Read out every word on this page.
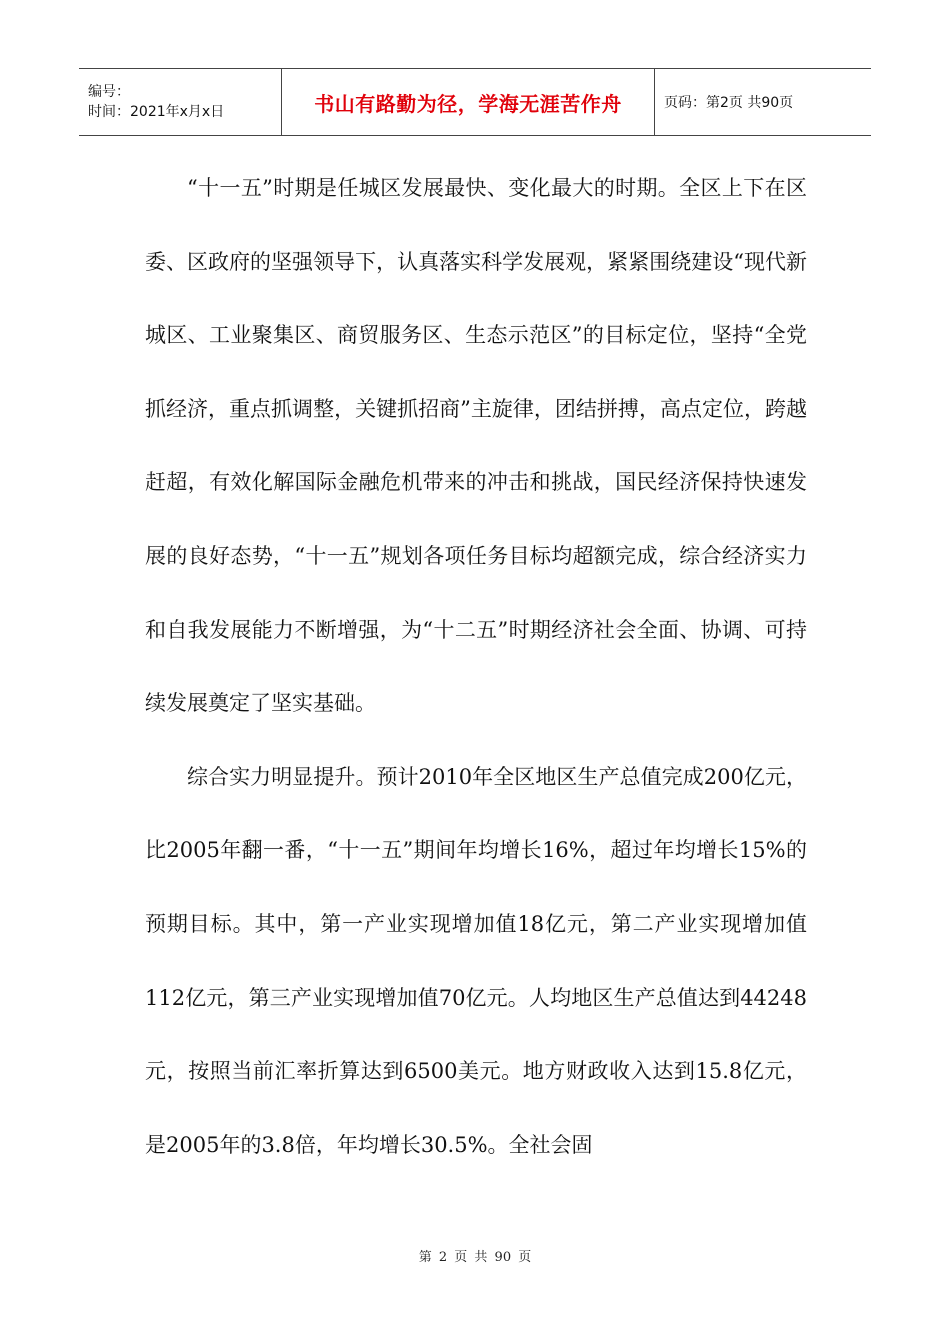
编号：
时间：2021年x月x日	书山有路勤为径，学海无涯苦作舟	页码：第2页 共90页

“十一五”时期是任城区发展最快、变化最大的时期。全区上下在区委、区政府的坚强领导下，认真落实科学发展观，紧紧围绕建设“现代新城区、工业聚集区、商贸服务区、生态示范区”的目标定位，坚持“全党抓经济，重点抓调整，关键抓招商”主旋律，团结拼搏，高点定位，跨越赶超，有效化解国际金融危机带来的冲击和挑战，国民经济保持快速发展的良好态势，“十一五”规划各项任务目标均超额完成，综合经济实力和自我发展能力不断增强，为“十二五”时期经济社会全面、协调、可持续发展奠定了坚实基础。

综合实力明显提升。预计2010年全区地区生产总值完成200亿元，比2005年翻一番，“十一五”期间年均增长16%，超过年均增长15%的预期目标。其中，第一产业实现增加值18亿元，第二产业实现增加值112亿元，第三产业实现增加值70亿元。人均地区生产总值达到44248元，按照当前汇率折算达到6500美元。地方财政收入达到15.8亿元，是2005年的3.8倍，年均增长30.5%。全社会固

第 2 页 共 90 页
